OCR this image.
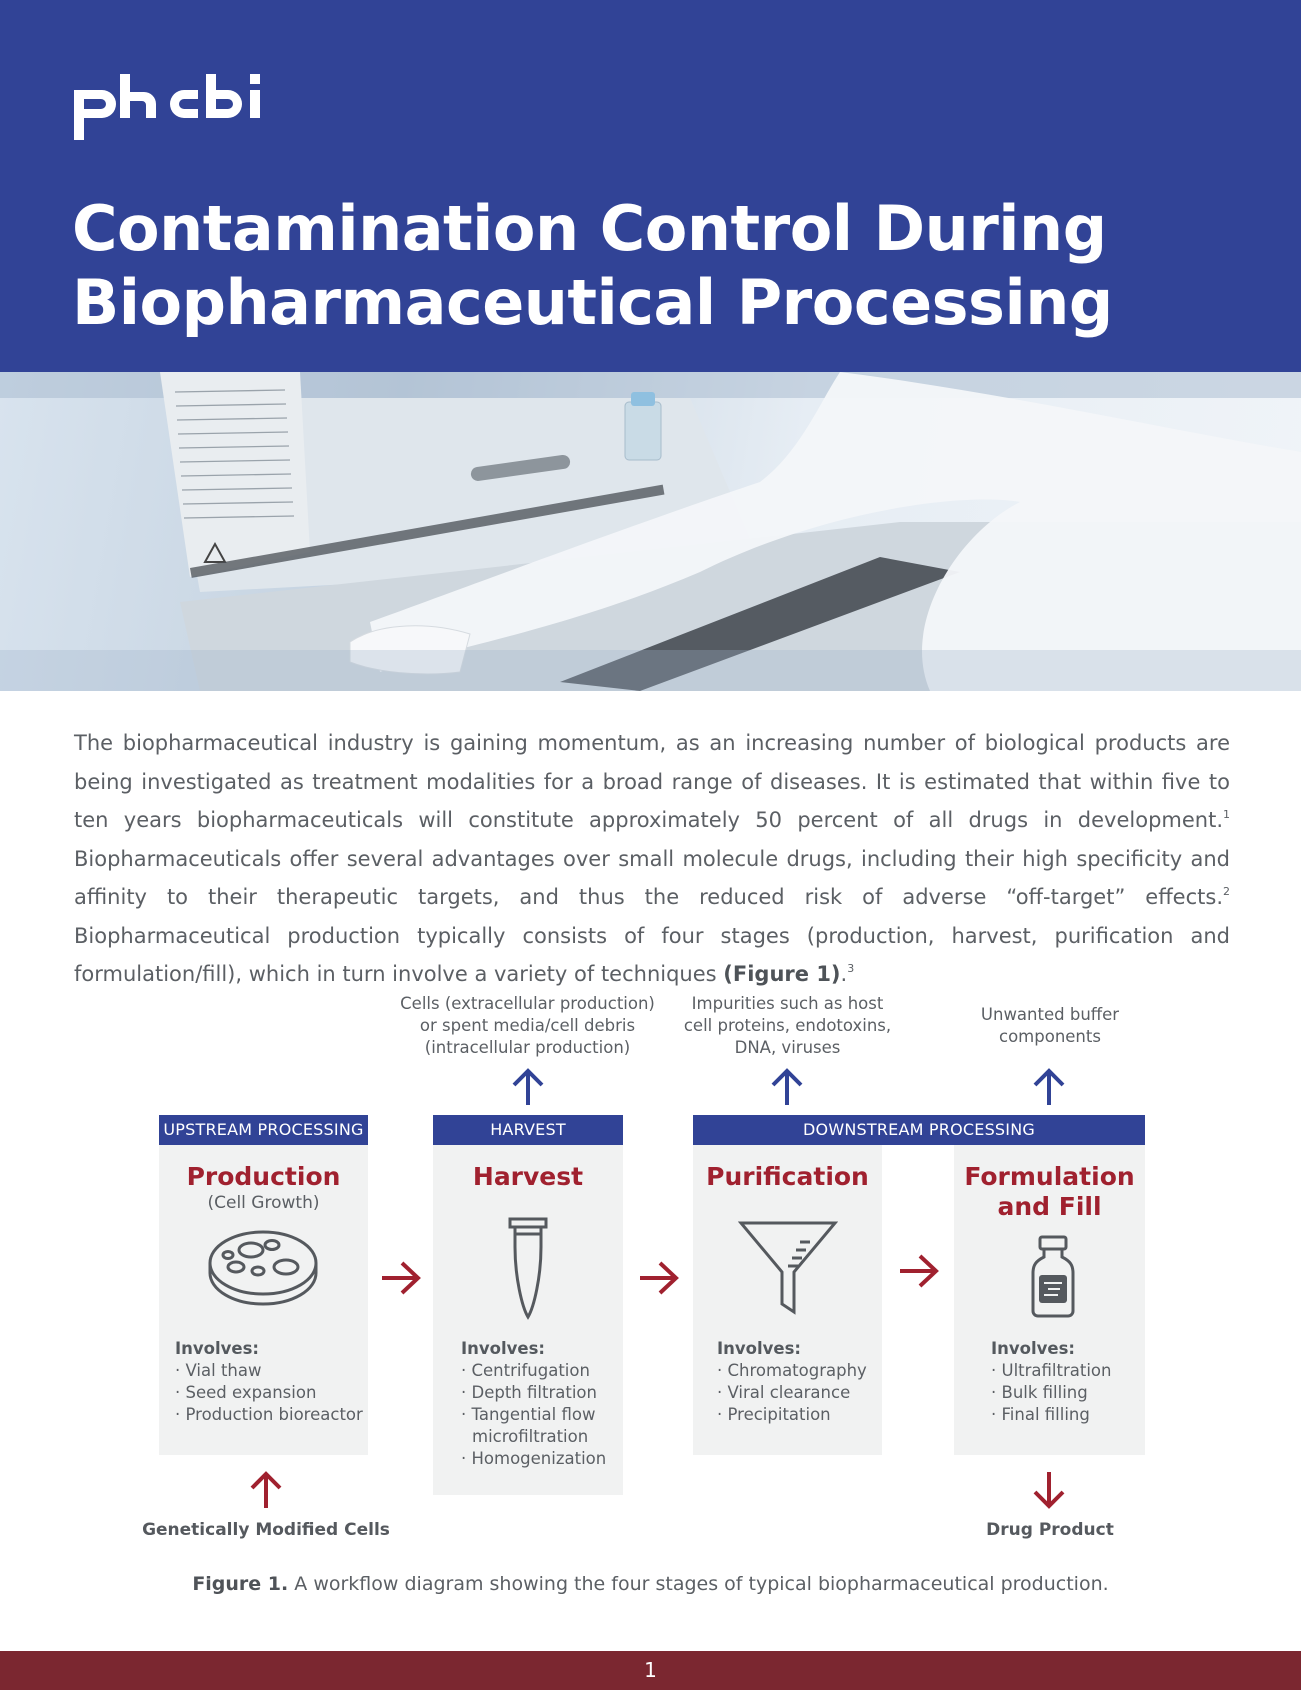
Contamination Control During
Biopharmaceutical Processing

The biopharmaceutical industry is gaining momentum, as an increasing number of biological products are being investigated as treatment modalities for a broad range of diseases. It is estimated that within five to ten years biopharmaceuticals will constitute approximately 50 percent of all drugs in development.$^1$ Biopharmaceuticals offer several advantages over small molecule drugs, including their high specificity and affinity to their therapeutic targets, and thus the reduced risk of adverse “off-target” effects.$^2$ Biopharmaceutical production typically consists of four stages (production, harvest, purification and formulation/fill), which in turn involve a variety of techniques (Figure 1).$^3$

Cells (extracellular production)
or spent media/cell debris
(intracellular production)
Impurities such as host
cell proteins, endotoxins,
DNA, viruses
Unwanted buffer
components
UPSTREAM PROCESSING	HARVEST	DOWNSTREAM PROCESSING
Production
(Cell Growth)
Harvest	Purification	Formulation
and Fill
Involves:
· Vial thaw
· Seed expansion
· Production bioreactor
Involves:
· Centrifugation
· Depth filtration
· Tangential flow microfiltration
· Homogenization
Involves:
· Chromatography
· Viral clearance
· Precipitation
Involves:
· Ultrafiltration
· Bulk filling
· Final filling
Genetically Modified Cells	Drug Product
Figure 1. A workflow diagram showing the four stages of typical biopharmaceutical production.
1
